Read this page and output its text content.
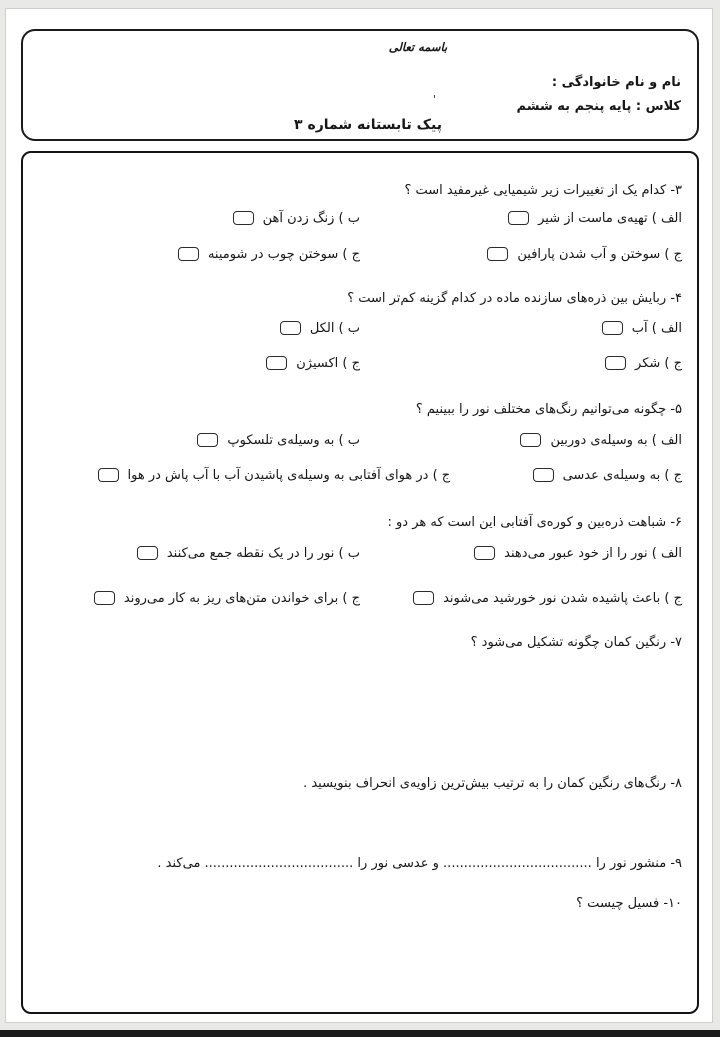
باسمه تعالی
نام و نام خانوادگی :
کلاس : پایه پنجم به ششم
'
پیک تابستانه شماره ۳
۳- کدام یک از تغییرات زیر شیمیایی غیرمفید است ؟
الف ) تهیه‌ی ماست از شیر
ب ) زنگ زدن آهن
ج ) سوختن و آب شدن پارافین
ج ) سوختن چوب در شومینه
۴- ربایش بین ذره‌های سازنده ماده در کدام گزینه کم‌تر است ؟
الف ) آب
ب ) الکل
ج ) شکر
ج ) اکسیژن
۵- چگونه می‌توانیم رنگ‌های مختلف نور را ببینیم ؟
الف ) به وسیله‌ی دوربین
ب ) به وسیله‌ی تلسکوپ
ج ) به وسیله‌ی عدسی
ج ) در هوای آفتابی به وسیله‌ی پاشیدن آب با آب پاش در هوا
۶- شباهت ذره‌بین و کوره‌ی آفتابی این است که هر دو :
الف ) نور را از خود عبور می‌دهند
ب ) نور را در یک نقطه جمع می‌کنند
ج ) باعث پاشیده شدن نور خورشید می‌شوند
ج ) برای خواندن متن‌های ریز به کار می‌روند
۷- رنگین کمان چگونه تشکیل می‌شود ؟
۸- رنگ‌های رنگین کمان را به ترتیب بیش‌ترین زاویه‌ی انحراف بنویسید .
۹- منشور نور را .................................... و عدسی نور را .................................... می‌کند .
۱۰- فسیل چیست ؟
